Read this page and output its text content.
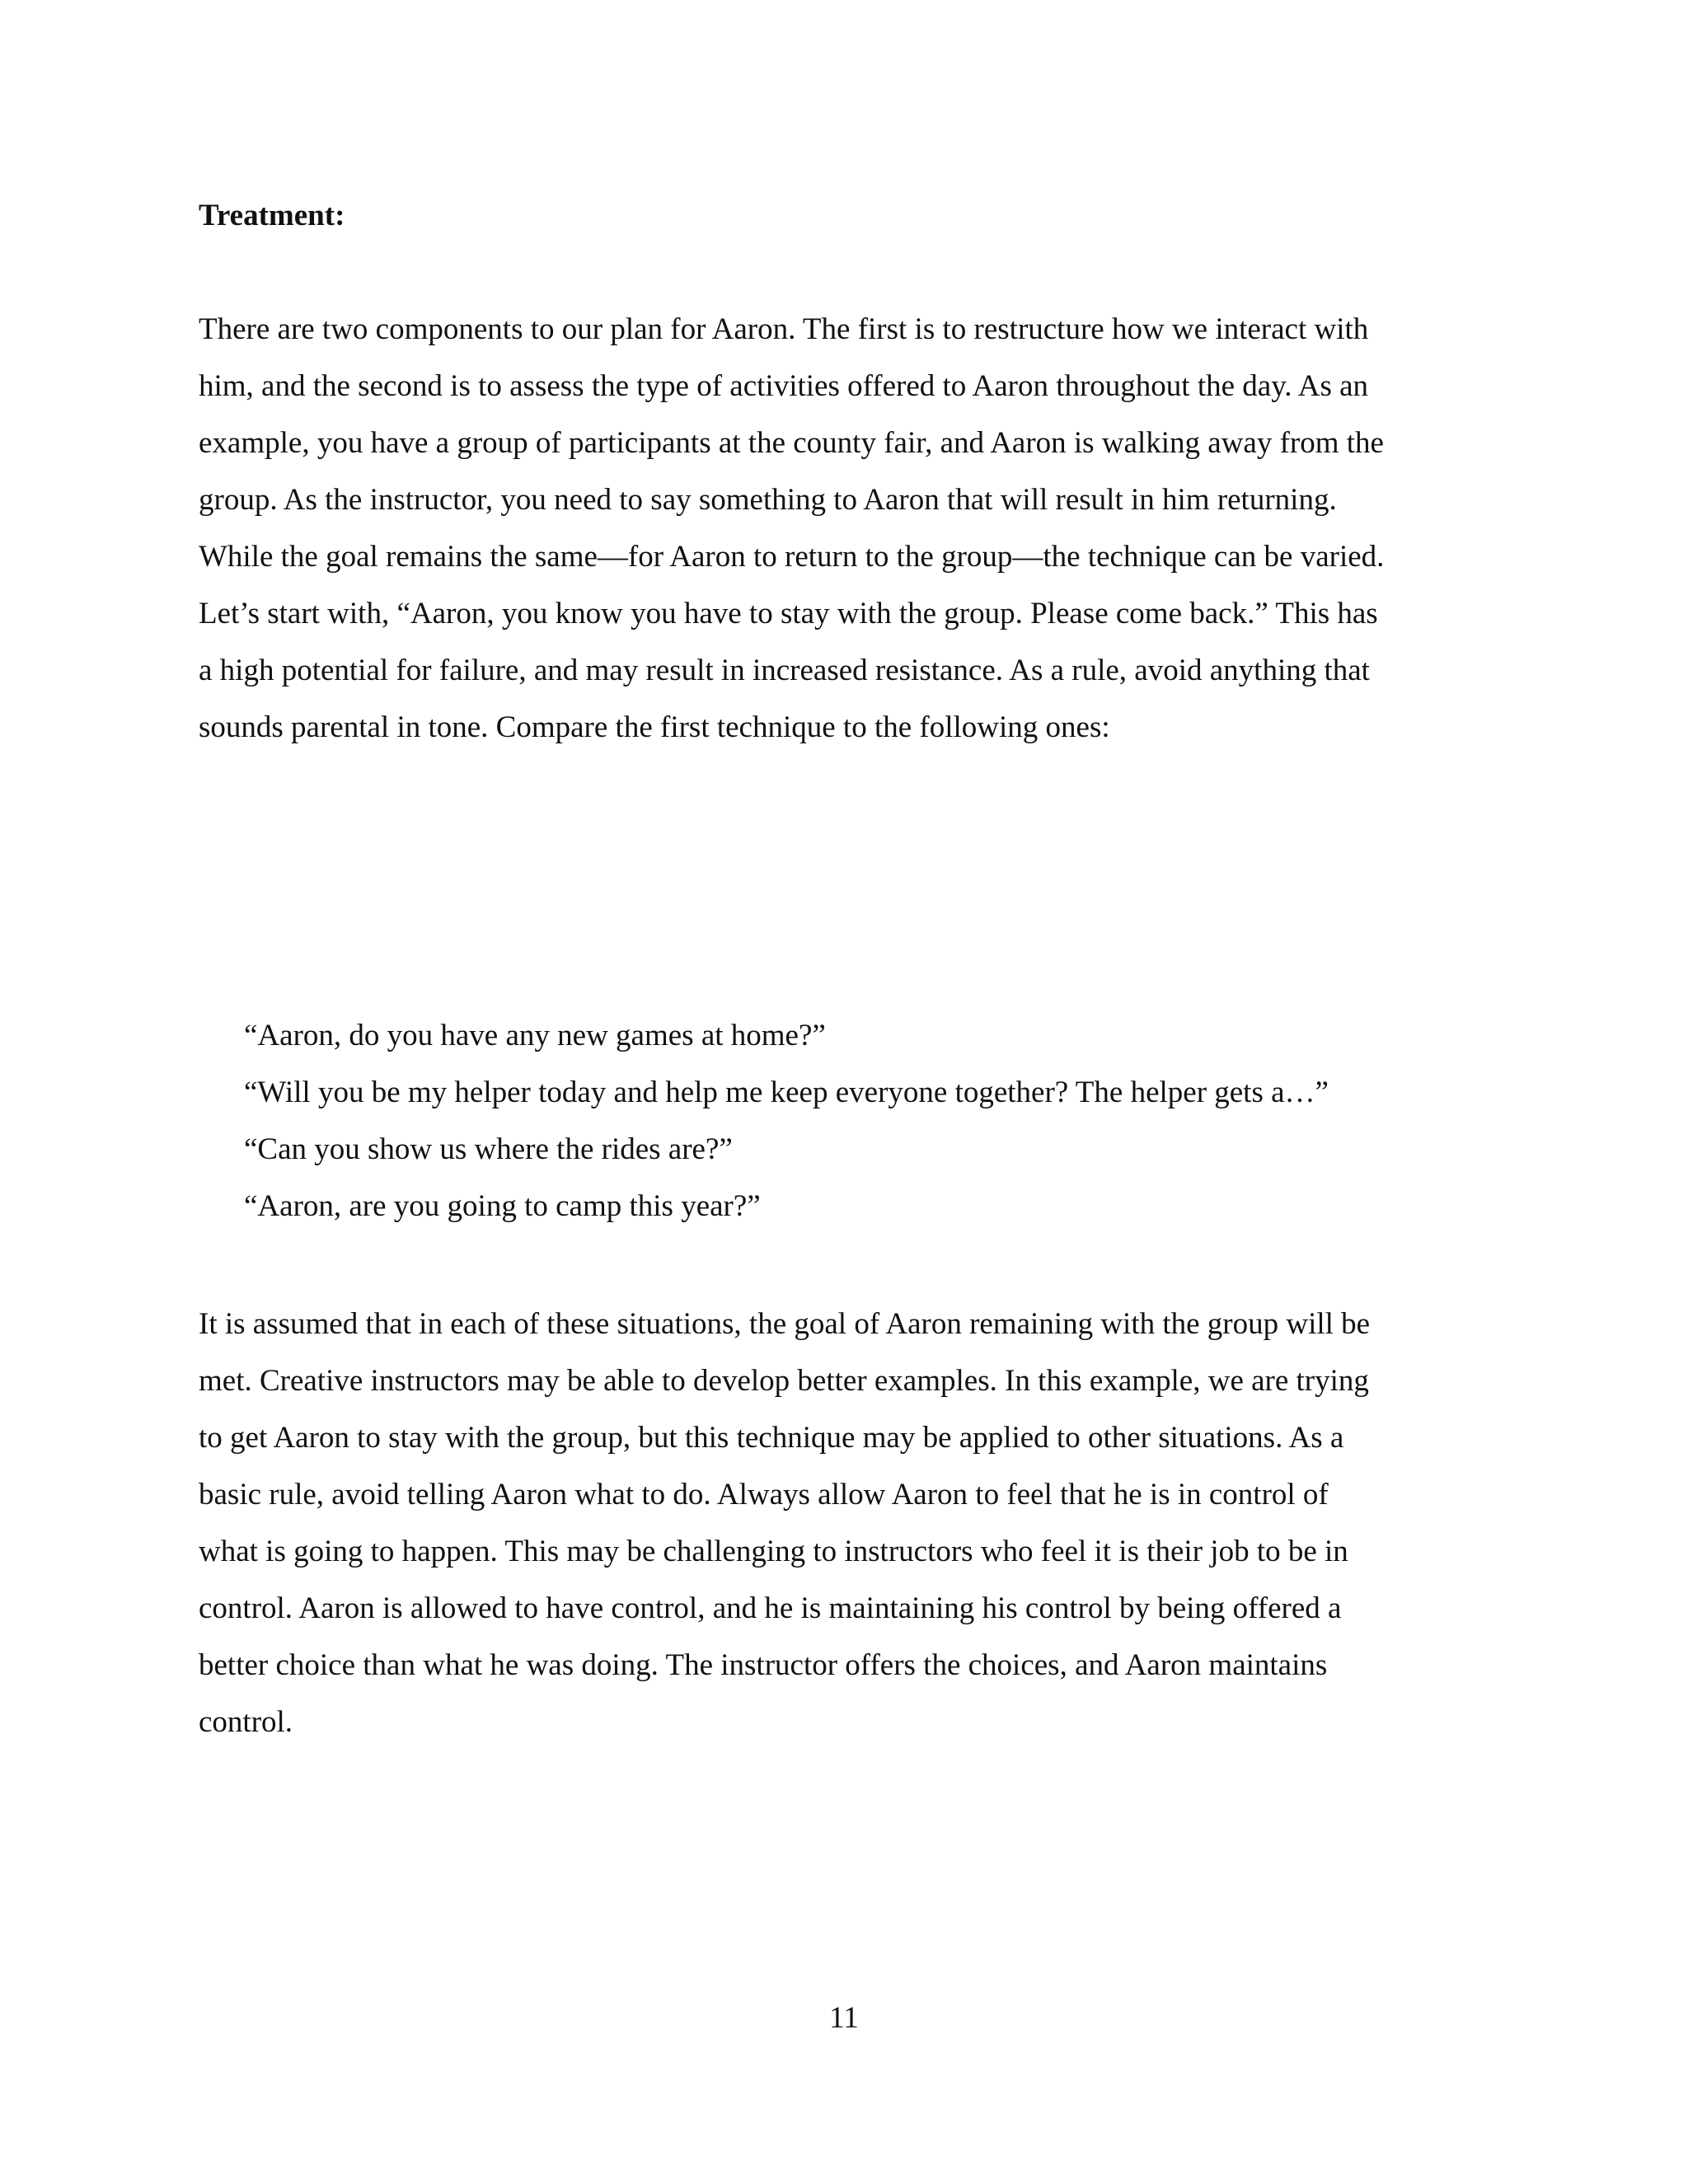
Treatment:
There are two components to our plan for Aaron. The first is to restructure how we interact with
him, and the second is to assess the type of activities offered to Aaron throughout the day. As an
example, you have a group of participants at the county fair, and Aaron is walking away from the
group. As the instructor, you need to say something to Aaron that will result in him returning.
While the goal remains the same—for Aaron to return to the group—the technique can be varied.
Let’s start with, “Aaron, you know you have to stay with the group. Please come back.” This has
a high potential for failure, and may result in increased resistance. As a rule, avoid anything that
sounds parental in tone. Compare the first technique to the following ones:
“Aaron, do you have any new games at home?”
“Will you be my helper today and help me keep everyone together? The helper gets a…”
“Can you show us where the rides are?”
“Aaron, are you going to camp this year?”
It is assumed that in each of these situations, the goal of Aaron remaining with the group will be
met. Creative instructors may be able to develop better examples. In this example, we are trying
to get Aaron to stay with the group, but this technique may be applied to other situations. As a
basic rule, avoid telling Aaron what to do. Always allow Aaron to feel that he is in control of
what is going to happen. This may be challenging to instructors who feel it is their job to be in
control. Aaron is allowed to have control, and he is maintaining his control by being offered a
better choice than what he was doing. The instructor offers the choices, and Aaron maintains
control.
11
